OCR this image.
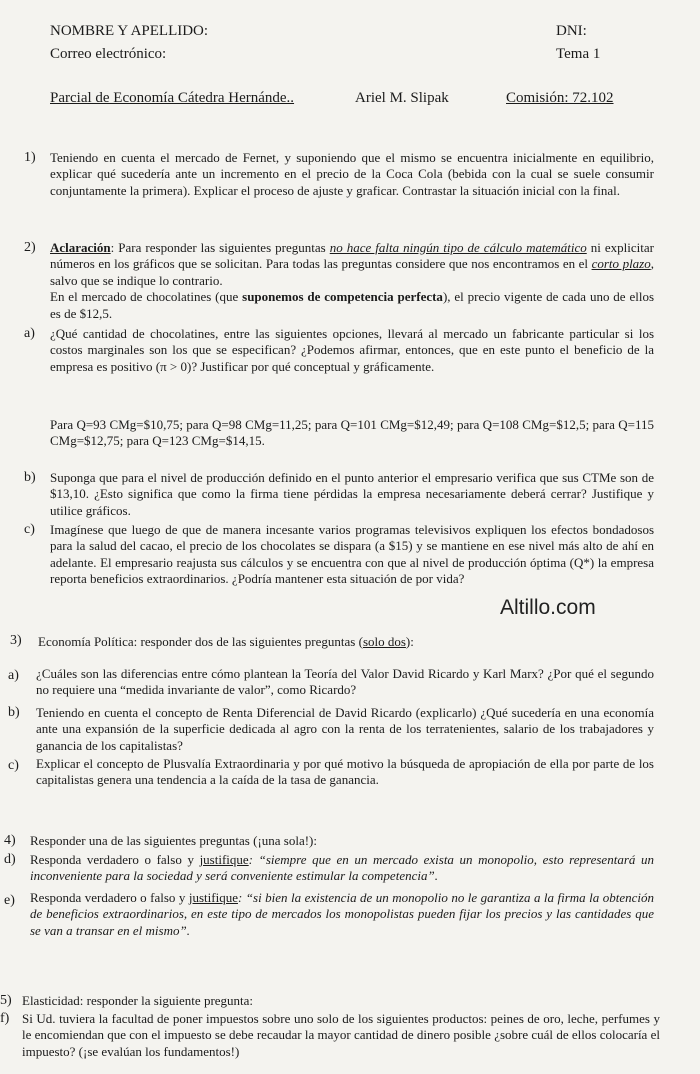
NOMBRE Y APELLIDO:	DNI:
Correo electrónico:	Tema 1
Parcial de Economía Cátedra Hernánde..	Ariel M. Slipak	Comisión: 72.102
1) Teniendo en cuenta el mercado de Fernet, y suponiendo que el mismo se encuentra inicialmente en equilibrio, explicar qué sucedería ante un incremento en el precio de la Coca Cola (bebida con la cual se suele consumir conjuntamente la primera). Explicar el proceso de ajuste y graficar. Contrastar la situación inicial con la final.
2) Aclaración: Para responder las siguientes preguntas no hace falta ningún tipo de cálculo matemático ni explicitar números en los gráficos que se solicitan. Para todas las preguntas considere que nos encontramos en el corto plazo, salvo que se indique lo contrario.

En el mercado de chocolatines (que suponemos de competencia perfecta), el precio vigente de cada uno de ellos es de $12,5.

a) ¿Qué cantidad de chocolatines, entre las siguientes opciones, llevará al mercado un fabricante particular si los costos marginales son los que se especifican? ¿Podemos afirmar, entonces, que en este punto el beneficio de la empresa es positivo (π > 0)? Justificar por qué conceptual y gráficamente.
Para Q=93 CMg=$10,75; para Q=98 CMg=11,25; para Q=101 CMg=$12,49; para Q=108 CMg=$12,5; para Q=115 CMg=$12,75; para Q=123 CMg=$14,15.
b) Suponga que para el nivel de producción definido en el punto anterior el empresario verifica que sus CTMe son de $13,10. ¿Esto significa que como la firma tiene pérdidas la empresa necesariamente deberá cerrar? Justifique y utilice gráficos.
c) Imagínese que luego de que de manera incesante varios programas televisivos expliquen los efectos bondadosos para la salud del cacao, el precio de los chocolates se dispara (a $15) y se mantiene en ese nivel más alto de ahí en adelante. El empresario reajusta sus cálculos y se encuentra con que al nivel de producción óptima (Q*) la empresa reporta beneficios extraordinarios. ¿Podría mantener esta situación de por vida?
Altillo.com
3) Economía Política: responder dos de las siguientes preguntas (solo dos):
a) ¿Cuáles son las diferencias entre cómo plantean la Teoría del Valor David Ricardo y Karl Marx? ¿Por qué el segundo no requiere una “medida invariante de valor”, como Ricardo?
b) Teniendo en cuenta el concepto de Renta Diferencial de David Ricardo (explicarlo) ¿Qué sucedería en una economía ante una expansión de la superficie dedicada al agro con la renta de los terratenientes, salario de los trabajadores y ganancia de los capitalistas?
c) Explicar el concepto de Plusvalía Extraordinaria y por qué motivo la búsqueda de apropiación de ella por parte de los capitalistas genera una tendencia a la caída de la tasa de ganancia.
4) Responder una de las siguientes preguntas (¡una sola!):
d) Responda verdadero o falso y justifique: “siempre que en un mercado exista un monopolio, esto representará un inconveniente para la sociedad y será conveniente estimular la competencia”.
e) Responda verdadero o falso y justifique: “si bien la existencia de un monopolio no le garantiza a la firma la obtención de beneficios extraordinarios, en este tipo de mercados los monopolistas pueden fijar los precios y las cantidades que se van a transar en el mismo”.
5) Elasticidad: responder la siguiente pregunta:
f) Si Ud. tuviera la facultad de poner impuestos sobre uno solo de los siguientes productos: peines de oro, leche, perfumes y le encomiendan que con el impuesto se debe recaudar la mayor cantidad de dinero posible ¿sobre cuál de ellos colocaría el impuesto? (¡se evalúan los fundamentos!)
